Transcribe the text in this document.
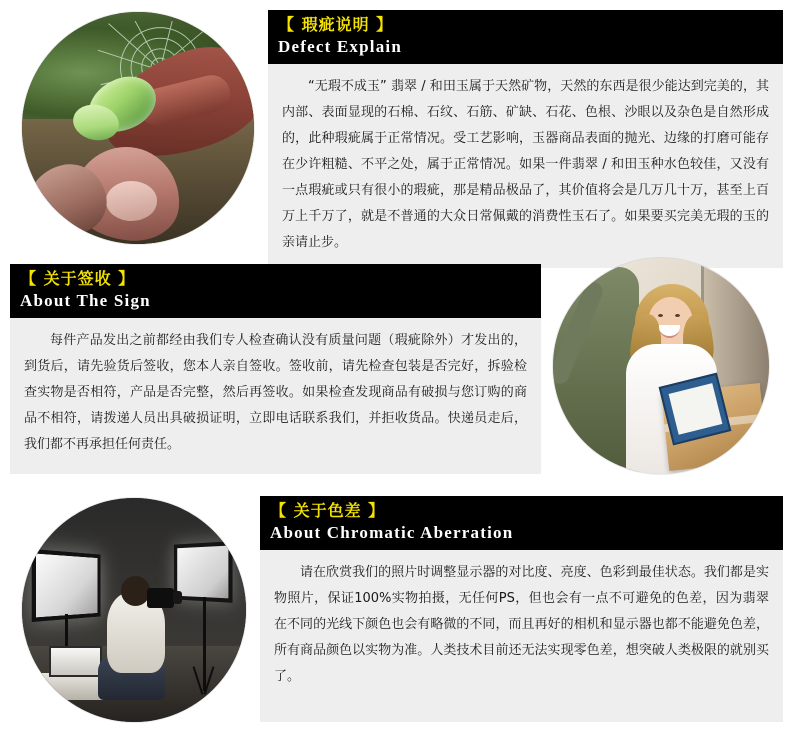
【 瑕疵说明 】
Defect Explain
“无瑕不成玉” 翡翠 / 和田玉属于天然矿物，天然的东西是很少能达到完美的，其内部、表面显现的石棉、石纹、石筋、矿缺、石花、色根、沙眼以及杂色是自然形成的，此种瑕疵属于正常情况。受工艺影响，玉器商品表面的抛光、边缘的打磨可能存在少许粗糙、不平之处，属于正常情况。如果一件翡翠 / 和田玉种水色较佳，又没有一点瑕疵或只有很小的瑕疵，那是精品极品了，其价值将会是几万几十万，甚至上百万上千万了，就是不普通的大众日常佩戴的消费性玉石了。如果要买完美无瑕的玉的亲请止步。
【 关于签收 】
About The Sign
每件产品发出之前都经由我们专人检查确认没有质量问题（瑕疵除外）才发出的，到货后，请先验货后签收，您本人亲自签收。签收前，请先检查包装是否完好，拆验检查实物是否相符，产品是否完整，然后再签收。如果检查发现商品有破损与您订购的商品不相符，请拨递人员出具破损证明，立即电话联系我们，并拒收货品。快递员走后，我们都不再承担任何责任。
【 关于色差 】
About Chromatic Aberration
请在欣赏我们的照片时调整显示器的对比度、亮度、色彩到最佳状态。我们都是实物照片，保证100%实物拍摄，无任何PS，但也会有一点不可避免的色差，因为翡翠在不同的光线下颜色也会有略微的不同，而且再好的相机和显示器也都不能避免色差，所有商品颜色以实物为准。人类技术目前还无法实现零色差，想突破人类极限的就别买了。
